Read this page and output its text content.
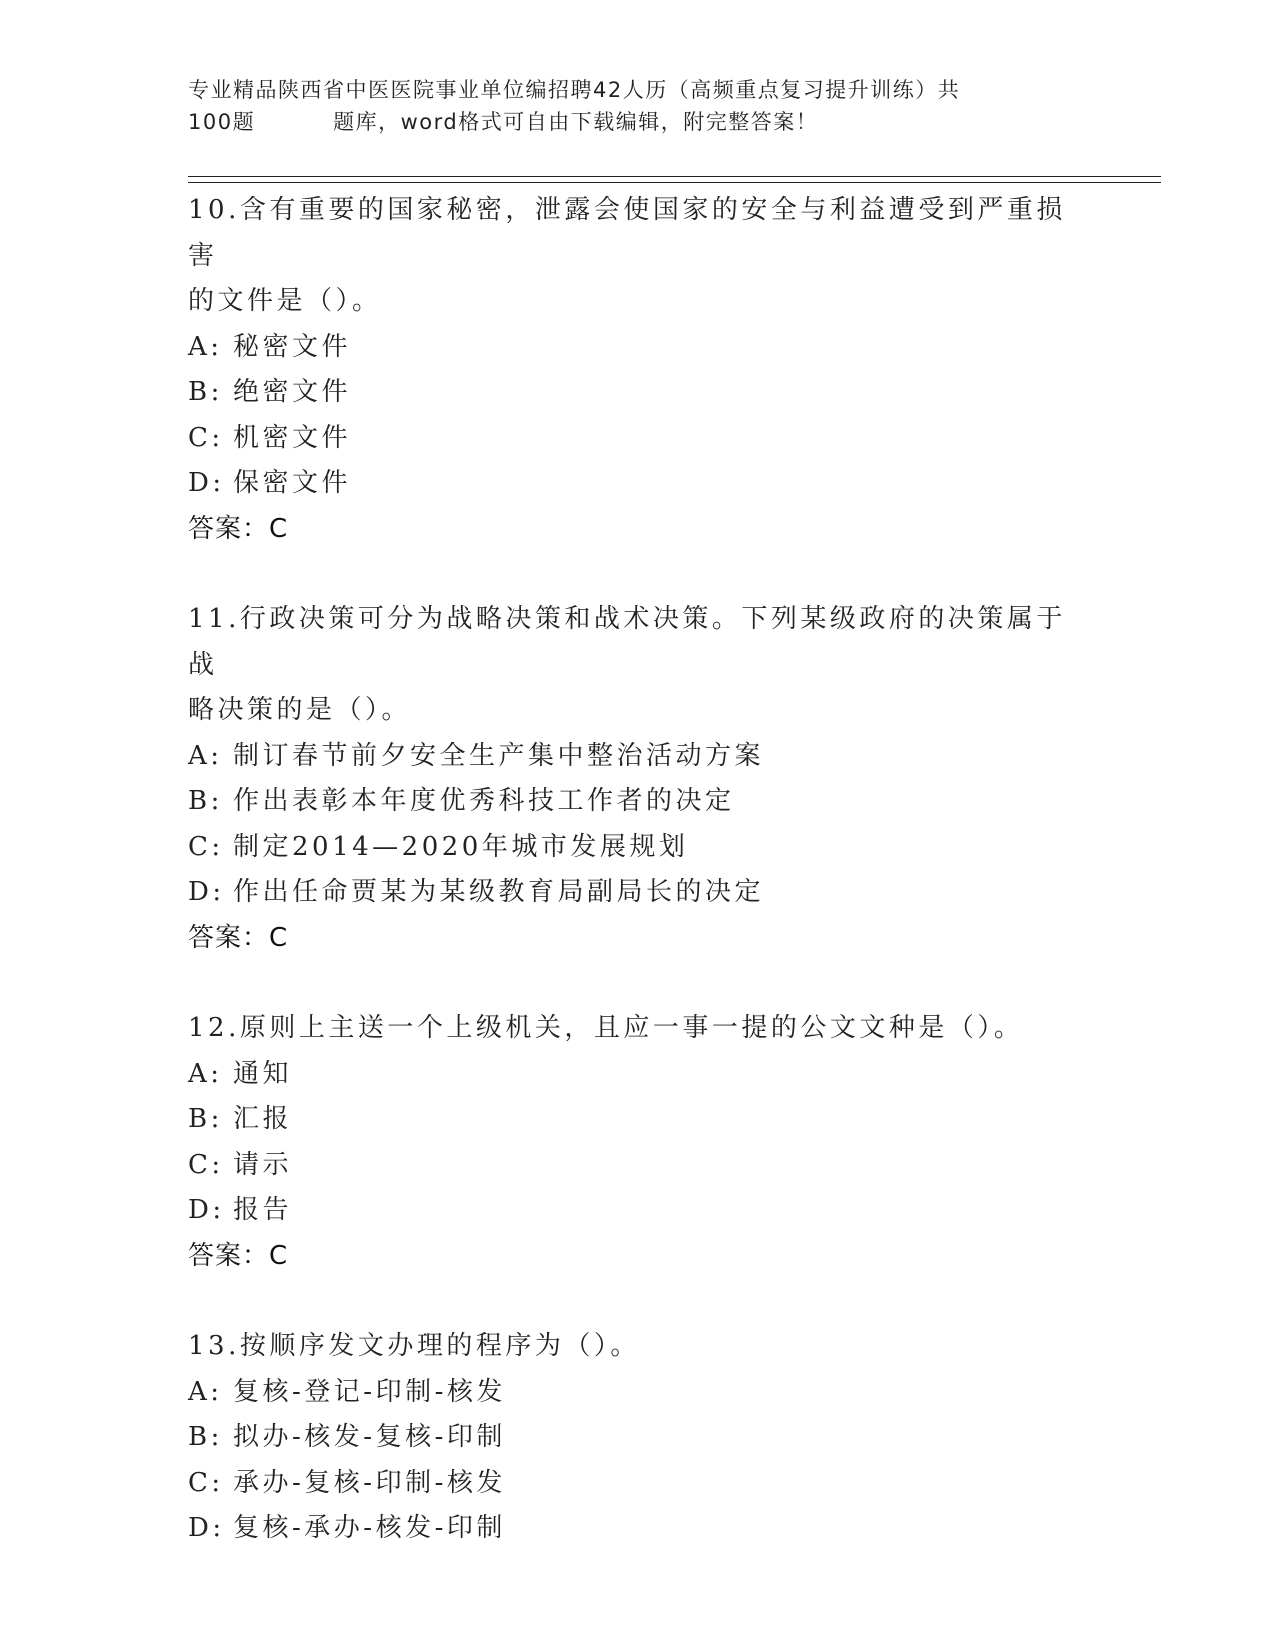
专业精品陕西省中医医院事业单位编招聘42人历（高频重点复习提升训练）共
100题	题库，word格式可自由下载编辑，附完整答案！

10.含有重要的国家秘密，泄露会使国家的安全与利益遭受到严重损害

的文件是（）。

A: 秘密文件

B: 绝密文件

C: 机密文件

D: 保密文件

答案：C

11.行政决策可分为战略决策和战术决策。下列某级政府的决策属于战

略决策的是（）。

A: 制订春节前夕安全生产集中整治活动方案

B: 作出表彰本年度优秀科技工作者的决定

C: 制定2014—2020年城市发展规划

D: 作出任命贾某为某级教育局副局长的决定

答案：C

12.原则上主送一个上级机关，且应一事一提的公文文种是（）。

A: 通知

B: 汇报

C: 请示

D: 报告

答案：C

13.按顺序发文办理的程序为（）。

A: 复核-登记-印制-核发

B: 拟办-核发-复核-印制

C: 承办-复核-印制-核发

D: 复核-承办-核发-印制
